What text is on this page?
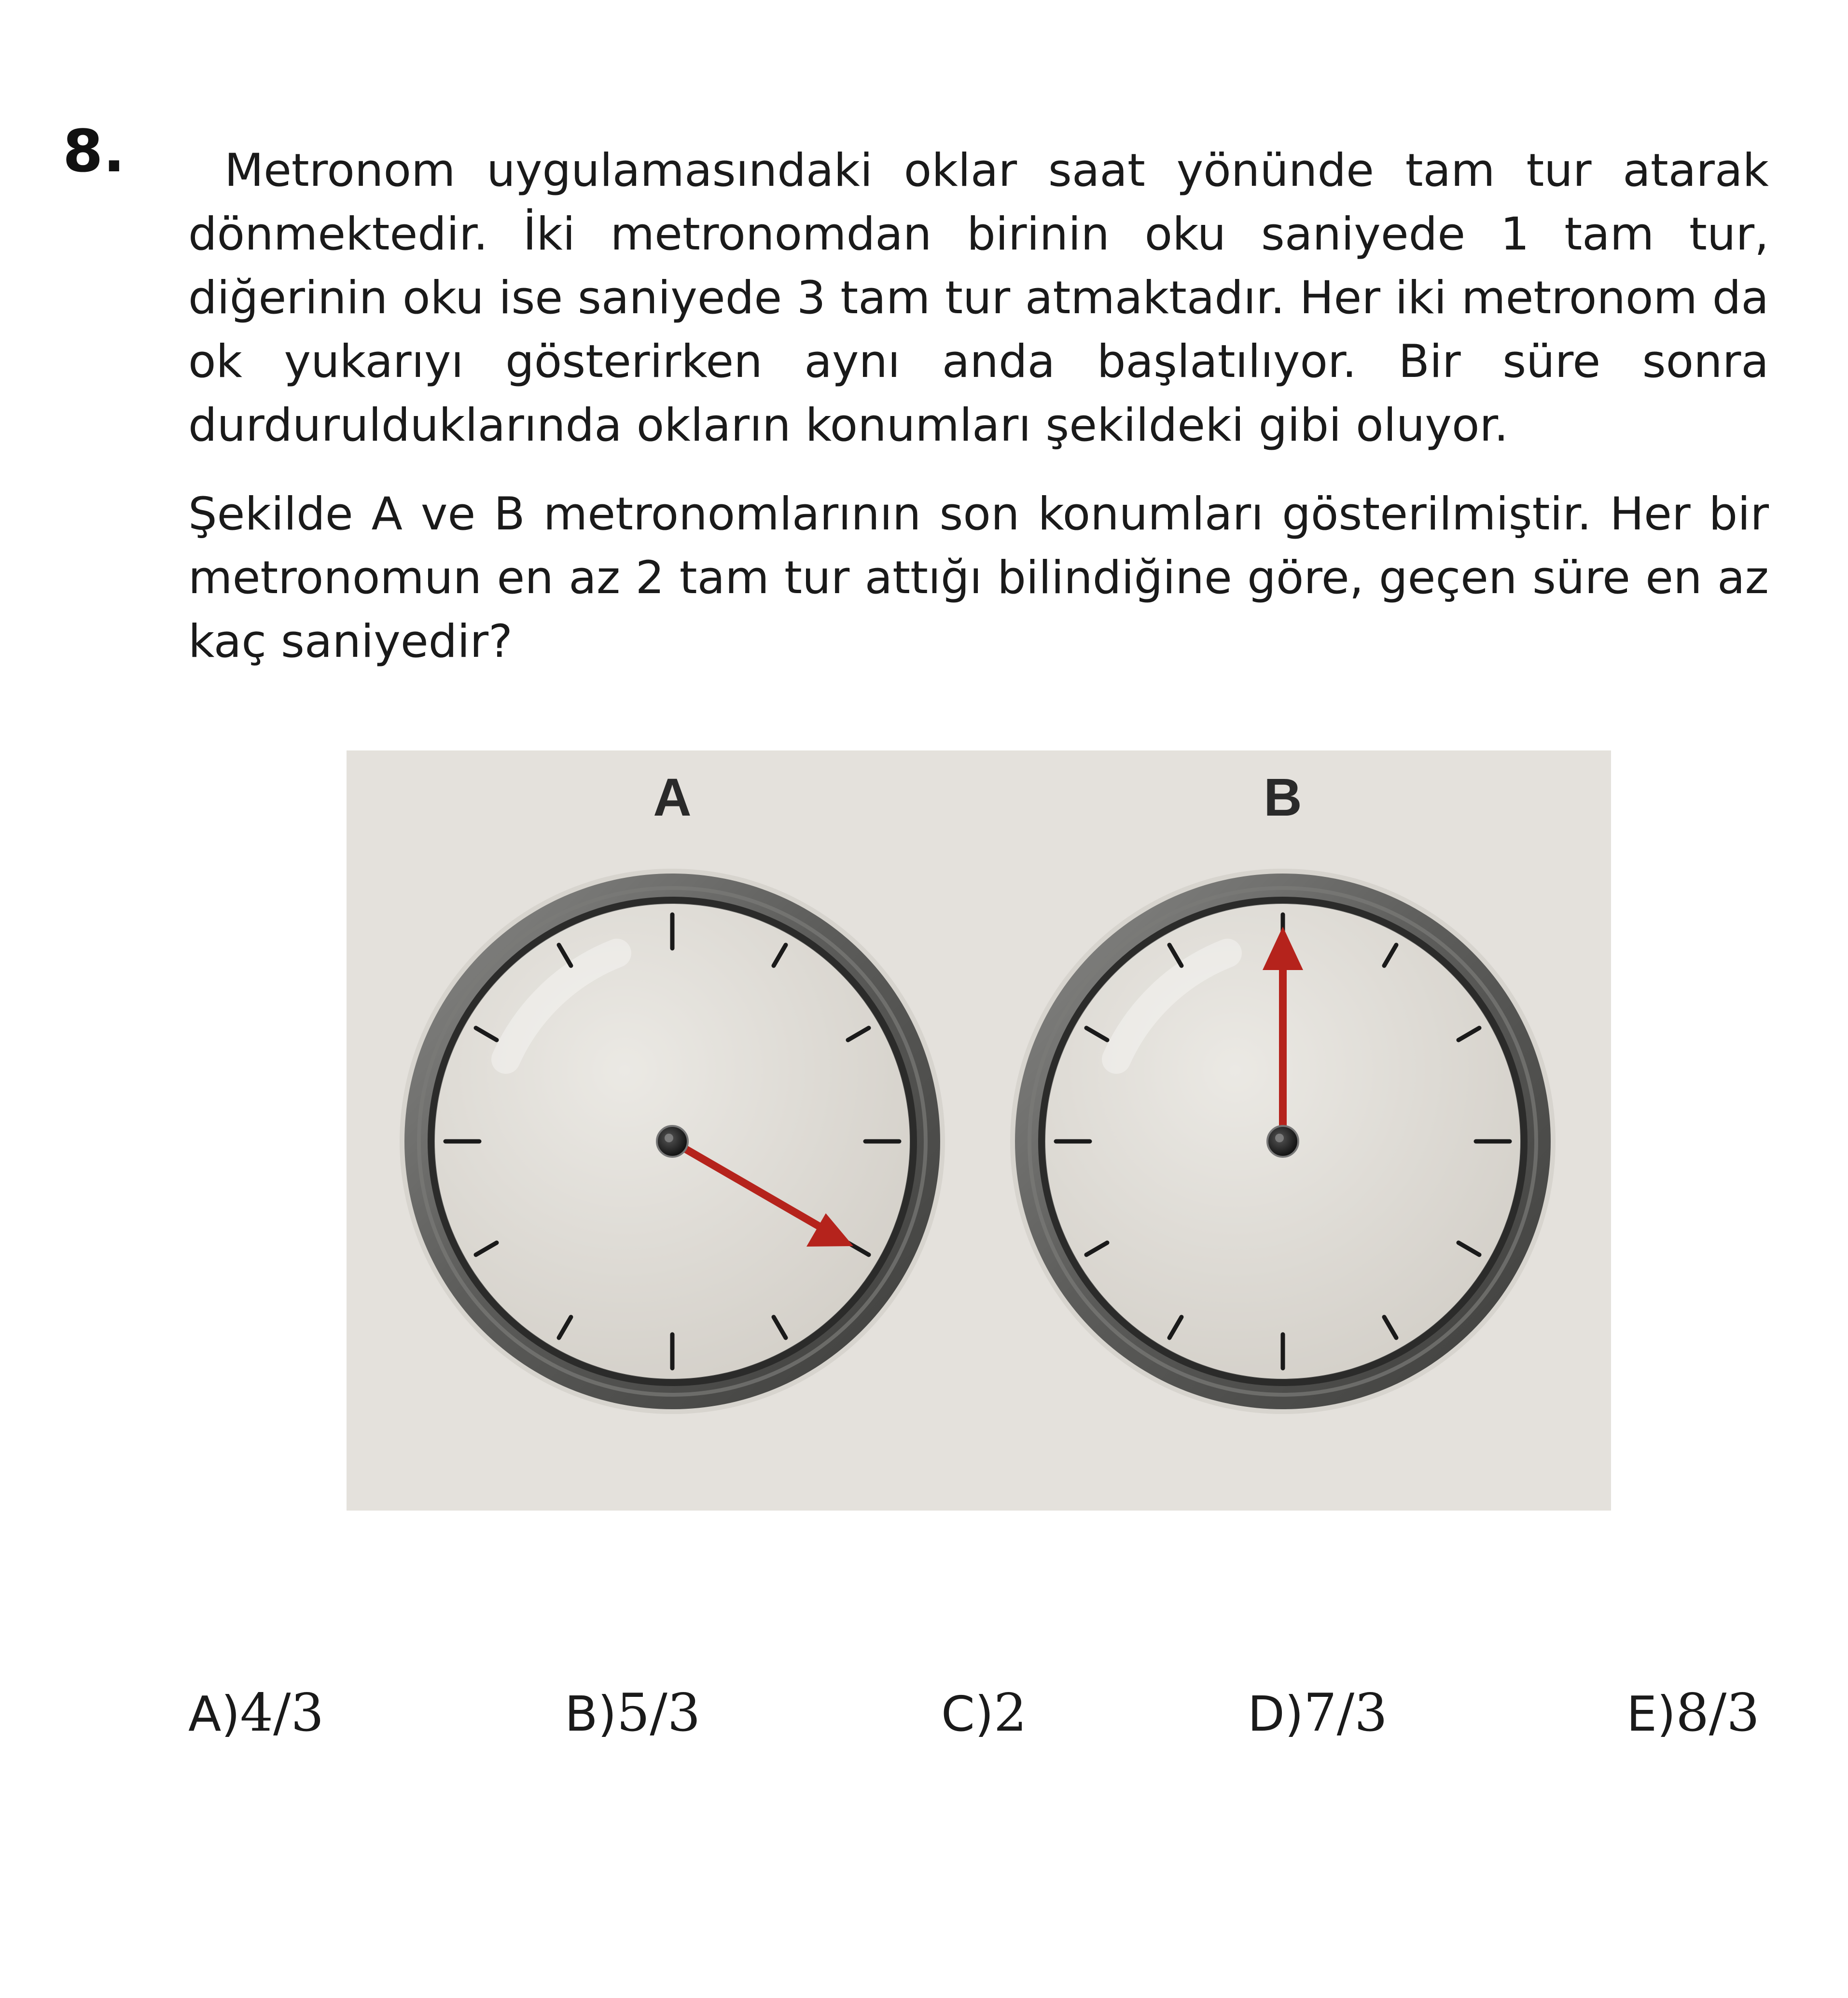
8.	Metronom uygulamasındaki oklar saat yönünde tam tur atarak dönmektedir. İki metronomdan birinin oku saniyede 1 tam tur, diğerinin oku ise saniyede 3 tam tur atmaktadır. Her iki metronom da ok yukarıyı gösterirken aynı anda başlatılıyor. Bir süre sonra durdurulduklarında okların konumları şekildeki gibi oluyor.

Şekilde A ve B metronomlarının son konumları gösterilmiştir. Her bir metronomun en az 2 tam tur attığı bilindiğine göre, geçen süre en az kaç saniyedir?

A	B
A)4/3	B)5/3	C)2	D)7/3	E)8/3
